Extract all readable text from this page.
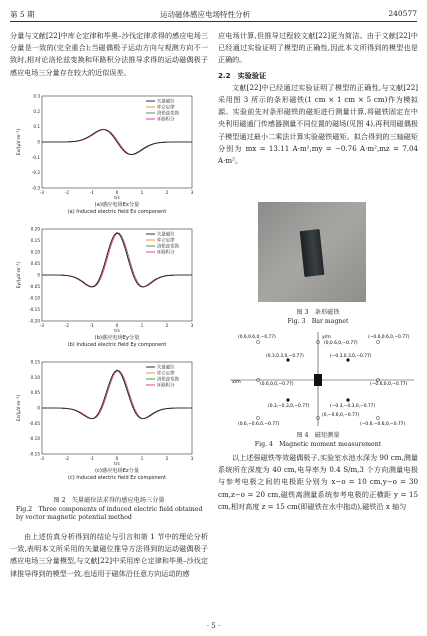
第 5 期	运动磁体感应电场特性分析	240577

分量与文献[22]中库仑定律和毕奥–沙伐定律求得的感应电场三分量是一致的(完全重合);当磁偶极子运动方向与观测方向不一致时,相对论洛伦兹变换和环路积分法推导求得的运动磁偶极子感应电场三分量存在较大的近似误差。

0.3
0.2
0.1
0
-0.1
-0.2
-0.3
-3	-2	-1	0	1	2	3
t/s
Ex/(μV·m⁻¹)
(a)感应电场Ex分量
(a) Induced electric field Ex component
矢量磁位
库仑定律
洛伦兹变换
环路积分
0.20
0.15
0.10
0.05
0
-0.05
-0.10
-0.15
-0.20
-3	-2	-1	0	1	2	3
t/s
Ey/(μV·m⁻¹)
(b)感应电场Ey分量
(b) Induced electric field Ey component
矢量磁位
库仑定律
洛伦兹变换
环路积分
0.15
0.10
0.05
0
-0.05
-0.10
-0.15
-3	-2	-1	0	1	2	3
t/s
Ez/(μV·m⁻¹)
(c)感应电场Ez分量
(c) Induced electric field Ez component
矢量磁位
库仑定律
洛伦兹变换
环路积分
图 2　矢量磁位法求得的感应电场三分量
Fig.2　Three components of induced electric field obtained by vector magnetic potential method

由上述仿真分析得到的结论与引言和第 1 节中的理论分析一致,表明本文所采用的矢量磁位推导方法得到的运动磁偶极子感应电场三分量模型,与文献[22]中采用库仑定律和毕奥–沙伐定律推导得到的模型一致,也适用于磁体沿任意方向运动的感

应电场计算,但推导过程较文献[22]更为简洁。由于文献[22]中已经通过实验证明了模型的正确性,因此本文所得到的模型也是正确的。

2.2　实验验证

文献[22]中已经通过实验证明了模型的正确性,与文献[22]采用图 3 所示的条形磁铁(1 cm × 1 cm × 5 cm)作为模拟源。实验前先对条形磁铁的磁矩进行测量计算,将磁铁固定在中央利用磁通门传感器测量不同位置的磁场(见图 4),再利用磁偶极子模型通过最小二乘法计算实验磁铁磁矩。拟合得到的三轴磁矩分别为 mx = 13.11 A·m²,my = −0.76 A·m²,mz = 7.04 A·m²。

图 3　条形磁铁
Fig. 3　Bar magnet
x/m
y/m
(0.6,0.6,0,−0.77)
(0,0.6,0,−0.77)
(−0.6,0.6,0,−0.77)
(0.3,0.3,0,−0.77)	(−0.3,0.3,0,−0.77)
(0.6,0,0,−0.77)	(−0.6,0,0,−0.77)
(0.3,−0.3,0,−0.77)	(−0.3,−0.3,0,−0.77)
(0.6,−0.6,0,−0.77)
(0,−0.6,0,−0.77)
(−0.6,−0.6,0,−0.77)
图 4　磁矩测量
Fig. 4　Magnetic moment measurement

以上述强磁铁等效磁偶极子,实验室水池水深为 90 cm,测量系统所在深度为 40 cm,电导率为 0.4 S/m,3 个方向测量电极与参考电极之间的电极距分别为 x−o = 10 cm,y−o = 30 cm,z−o = 20 cm,磁铁离测量系统参考电极的正横距 y = 15 cm,相对高度 z = 15 cm(即磁铁在水中拖动),磁铁沿 x 轴匀

· 5 ·
